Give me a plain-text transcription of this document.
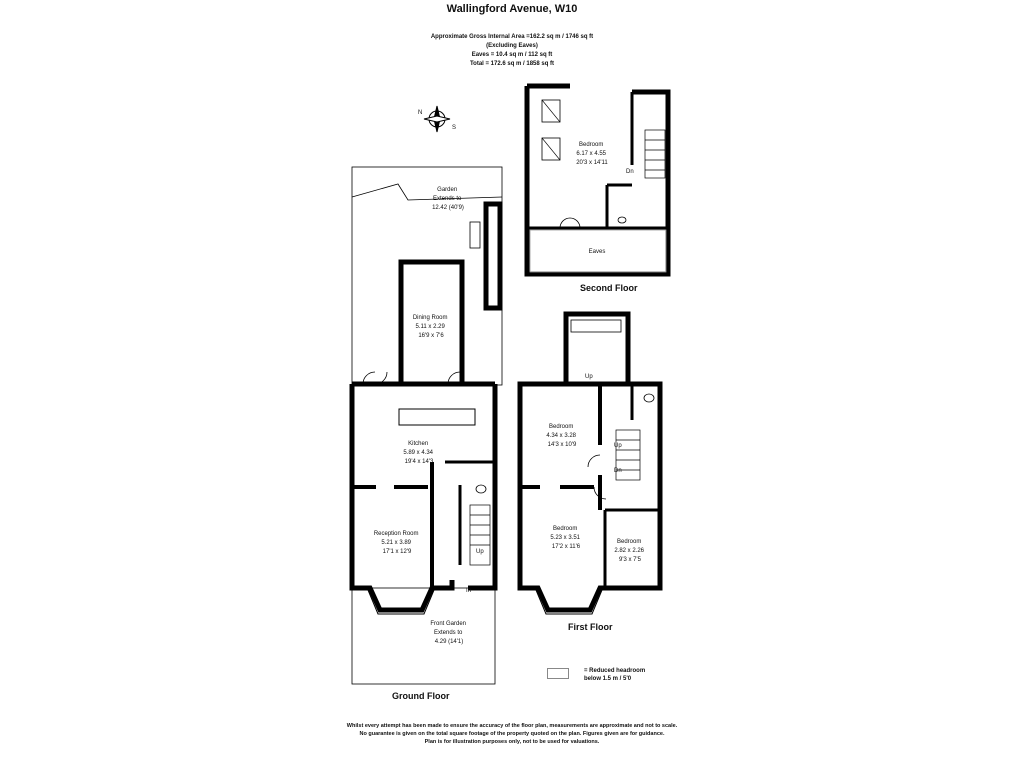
Wallingford Avenue, W10
Approximate Gross Internal Area =162.2 sq m / 1746 sq ft
(Excluding Eaves)
Eaves = 10.4 sq m / 112 sq ft
Total = 172.6 sq m / 1858 sq ft
N
S
Garden Extends to 12.42 (40'9)
Dining Room 5.11 x 2.29 16'9 x 7'6
Kitchen 5.89 x 4.34 19'4 x 14'3
Reception Room 5.21 x 3.89 17'1 x 12'9
Front Garden Extends to 4.29 (14'1)
Up
In
Bedroom 4.34 x 3.28 14'3 x 10'9
Bedroom 5.23 x 3.51 17'2 x 11'6
Bedroom 2.82 x 2.26 9'3 x 7'5
Up
Up
Dn
Bedroom 6.17 x 4.55 20'3 x 14'11
Dn
Eaves
Second Floor
First Floor
Ground Floor
= Reduced headroom
below 1.5 m / 5'0
Whilst every attempt has been made to ensure the accuracy of the floor plan, measurements are approximate and not to scale.
No guarantee is given on the total square footage of the property quoted on the plan. Figures given are for guidance.
Plan is for illustration purposes only, not to be used for valuations.
